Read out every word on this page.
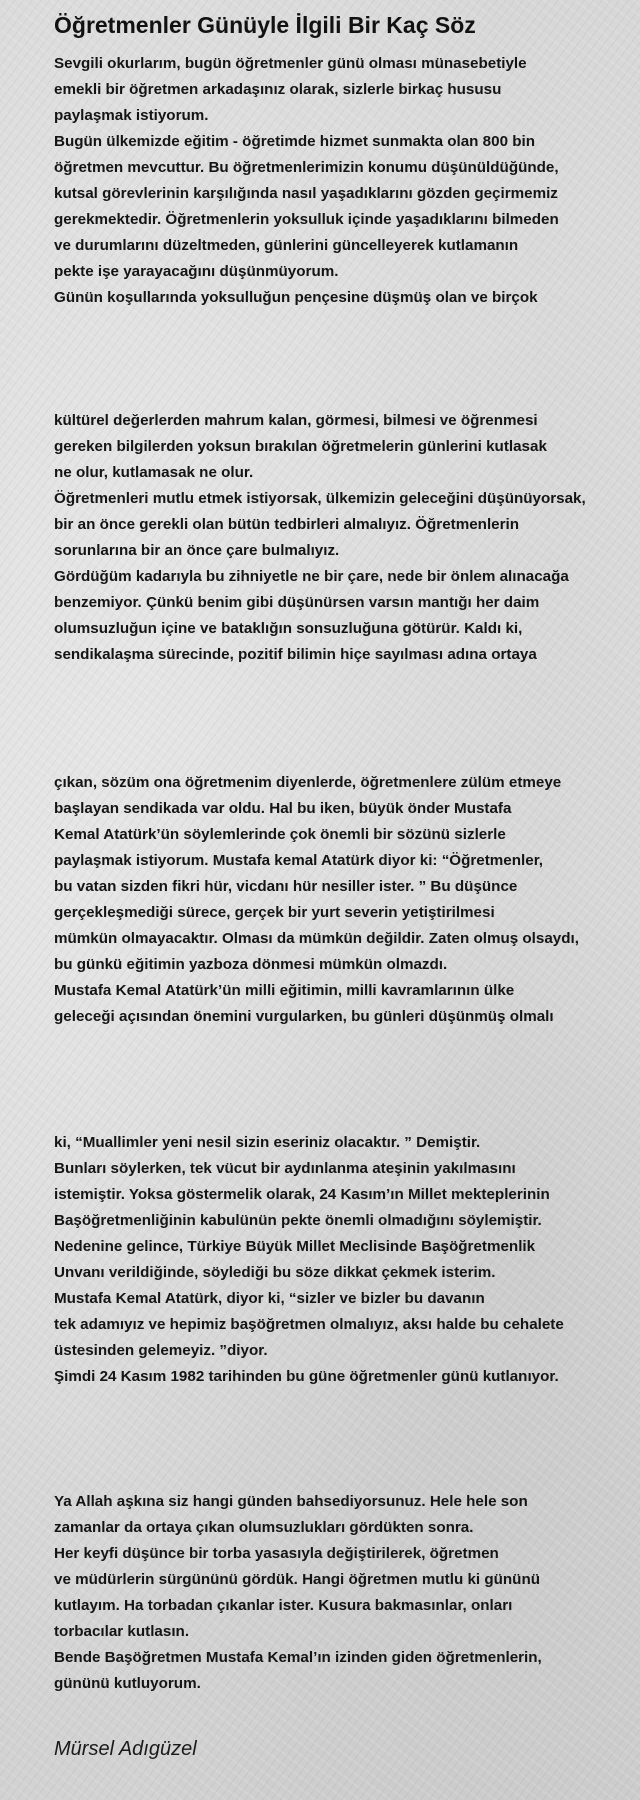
Öğretmenler Günüyle İlgili Bir Kaç Söz
Sevgili okurlarım, bugün öğretmenler günü olması münasebetiyle
emekli bir öğretmen arkadaşınız olarak, sizlerle birkaç hususu
paylaşmak istiyorum.
Bugün ülkemizde eğitim - öğretimde hizmet sunmakta olan 800 bin
öğretmen mevcuttur. Bu öğretmenlerimizin konumu düşünüldüğünde,
kutsal görevlerinin karşılığında nasıl yaşadıklarını gözden geçirmemiz
gerekmektedir. Öğretmenlerin yoksulluk içinde yaşadıklarını bilmeden
ve durumlarını düzeltmeden, günlerini güncelleyerek kutlamanın
pekte işe yarayacağını düşünmüyorum.
Günün koşullarında yoksulluğun pençesine düşmüş olan ve birçok
kültürel değerlerden mahrum kalan, görmesi, bilmesi ve öğrenmesi
gereken bilgilerden yoksun bırakılan öğretmelerin günlerini kutlasak
ne olur, kutlamasak ne olur.
Öğretmenleri mutlu etmek istiyorsak, ülkemizin geleceğini düşünüyorsak,
bir an önce gerekli olan bütün tedbirleri almalıyız. Öğretmenlerin
sorunlarına bir an önce çare bulmalıyız.
Gördüğüm kadarıyla bu zihniyetle ne bir çare, nede bir önlem alınacağa
benzemiyor. Çünkü benim gibi düşünürsen varsın mantığı her daim
olumsuzluğun içine ve bataklığın sonsuzluğuna götürür. Kaldı ki,
sendikalaşma sürecinde, pozitif bilimin hiçe sayılması adına ortaya
çıkan, sözüm ona öğretmenim diyenlerde, öğretmenlere zülüm etmeye
başlayan sendikada var oldu. Hal bu iken, büyük önder Mustafa
Kemal Atatürk’ün söylemlerinde çok önemli bir sözünü sizlerle
paylaşmak istiyorum. Mustafa kemal Atatürk diyor ki: “Öğretmenler,
bu vatan sizden fikri hür, vicdanı hür nesiller ister. ” Bu düşünce
gerçekleşmediği sürece, gerçek bir yurt severin yetiştirilmesi
mümkün olmayacaktır. Olması da mümkün değildir. Zaten olmuş olsaydı,
bu günkü eğitimin yazboza dönmesi mümkün olmazdı.
Mustafa Kemal Atatürk’ün milli eğitimin, milli kavramlarının ülke
geleceği açısından önemini vurgularken, bu günleri düşünmüş olmalı
ki, “Muallimler yeni nesil sizin eseriniz olacaktır. ” Demiştir.
Bunları söylerken, tek vücut bir aydınlanma ateşinin yakılmasını
istemiştir. Yoksa göstermelik olarak, 24 Kasım’ın Millet mekteplerinin
Başöğretmenliğinin kabulünün pekte önemli olmadığını söylemiştir.
Nedenine gelince, Türkiye Büyük Millet Meclisinde Başöğretmenlik
Unvanı verildiğinde, söylediği bu söze dikkat çekmek isterim.
Mustafa Kemal Atatürk, diyor ki, “sizler ve bizler bu davanın
tek adamıyız ve hepimiz başöğretmen olmalıyız, aksı halde bu cehalete
üstesinden gelemeyiz. ”diyor.
Şimdi 24 Kasım 1982 tarihinden bu güne öğretmenler günü kutlanıyor.
Ya Allah aşkına siz hangi günden bahsediyorsunuz. Hele hele son
zamanlar da ortaya çıkan olumsuzlukları gördükten sonra.
Her keyfi düşünce bir torba yasasıyla değiştirilerek, öğretmen
ve müdürlerin sürgününü gördük. Hangi öğretmen mutlu ki gününü
kutlayım. Ha torbadan çıkanlar ister. Kusura bakmasınlar, onları
torbacılar kutlasın.
Bende Başöğretmen Mustafa Kemal’ın izinden giden öğretmenlerin,
gününü kutluyorum.
Mürsel Adıgüzel
